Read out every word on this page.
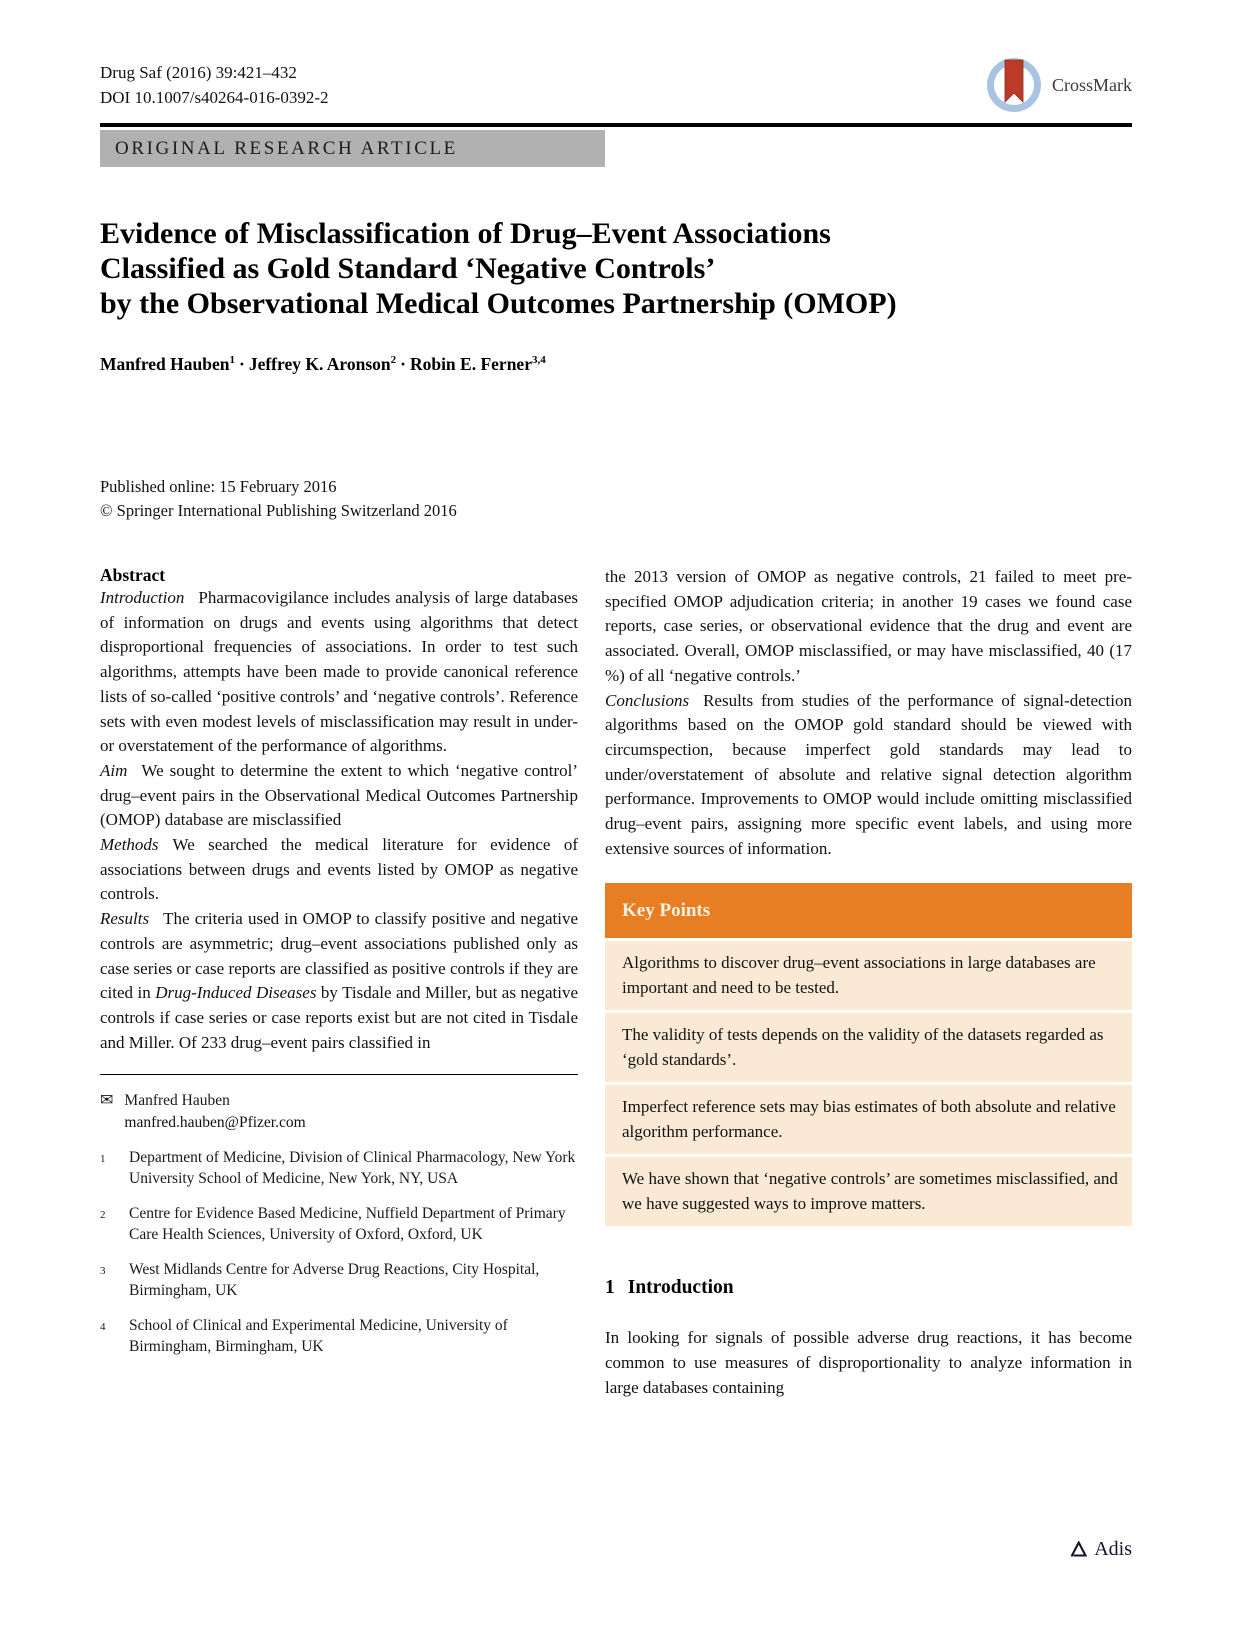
Drug Saf (2016) 39:421–432
DOI 10.1007/s40264-016-0392-2
CrossMark
ORIGINAL RESEARCH ARTICLE
Evidence of Misclassification of Drug–Event Associations
Classified as Gold Standard ‘Negative Controls’
by the Observational Medical Outcomes Partnership (OMOP)
Manfred Hauben$^1$ · Jeffrey K. Aronson$^2$ · Robin E. Ferner$^{3,4}$
Published online: 15 February 2016
© Springer International Publishing Switzerland 2016

Abstract

Introduction Pharmacovigilance includes analysis of large databases of information on drugs and events using algorithms that detect disproportional frequencies of associations. In order to test such algorithms, attempts have been made to provide canonical reference lists of so-called ‘positive controls’ and ‘negative controls’. Reference sets with even modest levels of misclassification may result in under- or overstatement of the performance of algorithms.

Aim We sought to determine the extent to which ‘negative control’ drug–event pairs in the Observational Medical Outcomes Partnership (OMOP) database are misclassified

Methods We searched the medical literature for evidence of associations between drugs and events listed by OMOP as negative controls.

Results The criteria used in OMOP to classify positive and negative controls are asymmetric; drug–event associations published only as case series or case reports are classified as positive controls if they are cited in Drug-Induced Diseases by Tisdale and Miller, but as negative controls if case series or case reports exist but are not cited in Tisdale and Miller. Of 233 drug–event pairs classified in

✉ Manfred Hauben
manfred.hauben@Pfizer.com
1	Department of Medicine, Division of Clinical Pharmacology, New York University School of Medicine, New York, NY, USA
2	Centre for Evidence Based Medicine, Nuffield Department of Primary Care Health Sciences, University of Oxford, Oxford, UK
3	West Midlands Centre for Adverse Drug Reactions, City Hospital, Birmingham, UK
4	School of Clinical and Experimental Medicine, University of Birmingham, Birmingham, UK

the 2013 version of OMOP as negative controls, 21 failed to meet pre-specified OMOP adjudication criteria; in another 19 cases we found case reports, case series, or observational evidence that the drug and event are associated. Overall, OMOP misclassified, or may have misclassified, 40 (17 %) of all ‘negative controls.’

Conclusions Results from studies of the performance of signal-detection algorithms based on the OMOP gold standard should be viewed with circumspection, because imperfect gold standards may lead to under/overstatement of absolute and relative signal detection algorithm performance. Improvements to OMOP would include omitting misclassified drug–event pairs, assigning more specific event labels, and using more extensive sources of information.

Key Points
Algorithms to discover drug–event associations in large databases are important and need to be tested.
The validity of tests depends on the validity of the datasets regarded as ‘gold standards’.
Imperfect reference sets may bias estimates of both absolute and relative algorithm performance.
We have shown that ‘negative controls’ are sometimes misclassified, and we have suggested ways to improve matters.
1 Introduction

In looking for signals of possible adverse drug reactions, it has become common to use measures of disproportionality to analyze information in large databases containing

Adis
